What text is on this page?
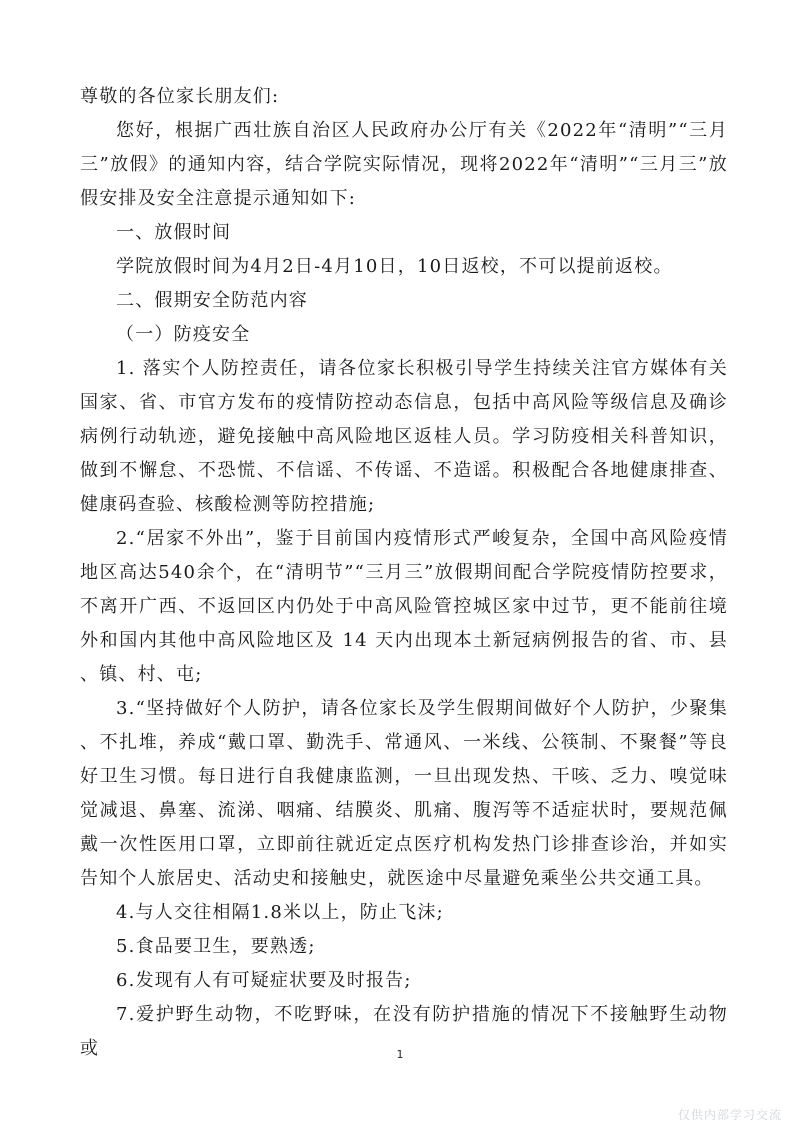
尊敬的各位家长朋友们:

您好，根据广西壮族自治区人民政府办公厅有关《2022年“清明”“三月三”放假》的通知内容，结合学院实际情况，现将2022年“清明”“三月三”放假安排及安全注意提示通知如下:

一、放假时间

学院放假时间为4月2日-4月10日，10日返校，不可以提前返校。

二、假期安全防范内容

（一）防疫安全

1. 落实个人防控责任，请各位家长积极引导学生持续关注官方媒体有关国家、省、市官方发布的疫情防控动态信息，包括中高风险等级信息及确诊病例行动轨迹，避免接触中高风险地区返桂人员。学习防疫相关科普知识，做到不懈怠、不恐慌、不信谣、不传谣、不造谣。积极配合各地健康排查、健康码查验、核酸检测等防控措施;

2.“居家不外出”，鉴于目前国内疫情形式严峻复杂，全国中高风险疫情地区高达540余个，在“清明节”“三月三”放假期间配合学院疫情防控要求，不离开广西、不返回区内仍处于中高风险管控城区家中过节，更不能前往境外和国内其他中高风险地区及 14 天内出现本土新冠病例报告的省、市、县、镇、村、屯;

3.“坚持做好个人防护，请各位家长及学生假期间做好个人防护，少聚集、不扎堆，养成“戴口罩、勤洗手、常通风、一米线、公筷制、不聚餐”等良好卫生习惯。每日进行自我健康监测，一旦出现发热、干咳、乏力、嗅觉味觉减退、鼻塞、流涕、咽痛、结膜炎、肌痛、腹泻等不适症状时，要规范佩戴一次性医用口罩，立即前往就近定点医疗机构发热门诊排查诊治，并如实告知个人旅居史、活动史和接触史，就医途中尽量避免乘坐公共交通工具。

4.与人交往相隔1.8米以上，防止飞沫;

5.食品要卫生，要熟透;

6.发现有人有可疑症状要及时报告;

7.爱护野生动物，不吃野味，在没有防护措施的情况下不接触野生动物或	1
仅供内部学习交流
